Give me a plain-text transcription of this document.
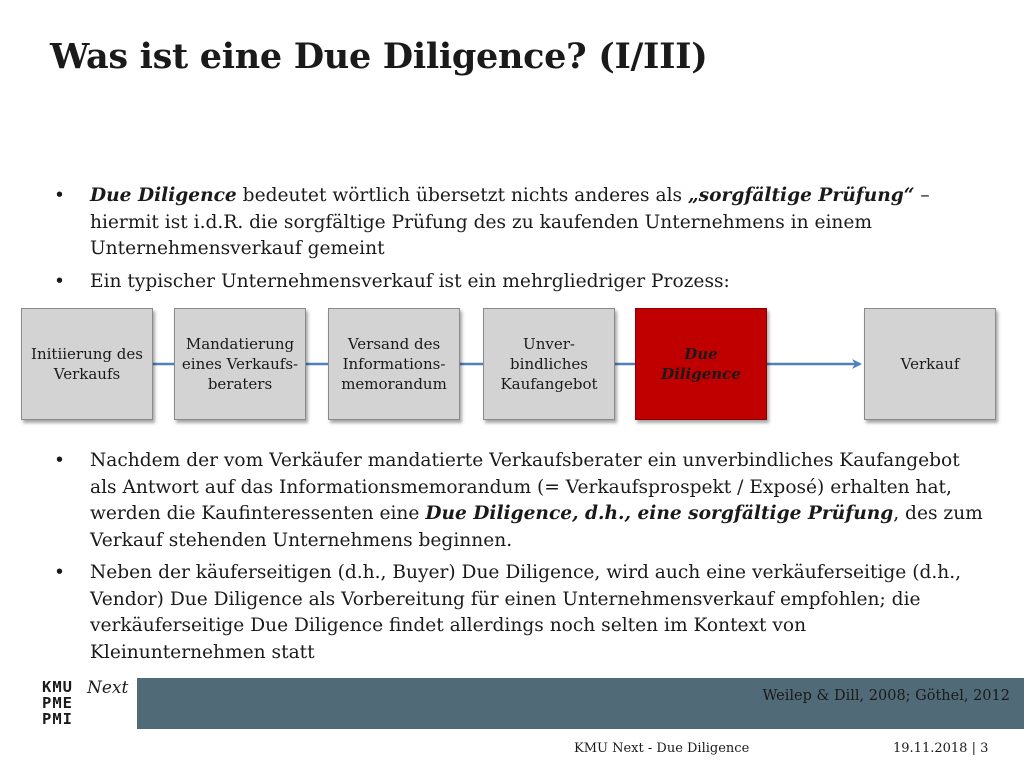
Was ist eine Due Diligence? (I/III)
•	Due Diligence bedeutet wörtlich übersetzt nichts anderes als „sorgfältige Prüfung“ – hiermit ist i.d.R. die sorgfältige Prüfung des zu kaufenden Unternehmens in einem Unternehmensverkauf gemeint
•	Ein typischer Unternehmensverkauf ist ein mehrgliedriger Prozess:
Initiierung des Verkaufs
Mandatierung eines Verkaufs-beraters
Versand des Informations-memorandum
Unver-bindliches Kaufangebot
Due Diligence
Verkauf
•	Nachdem der vom Verkäufer mandatierte Verkaufsberater ein unverbindliches Kaufangebot als Antwort auf das Informationsmemorandum (= Verkaufsprospekt / Exposé) erhalten hat, werden die Kaufinteressenten eine Due Diligence, d.h., eine sorgfältige Prüfung, des zum Verkauf stehenden Unternehmens beginnen.
•	Neben der käuferseitigen (d.h., Buyer) Due Diligence, wird auch eine verkäuferseitige (d.h., Vendor) Due Diligence als Vorbereitung für einen Unternehmensverkauf empfohlen; die verkäuferseitige Due Diligence findet allerdings noch selten im Kontext von Kleinunternehmen statt
KMU
PME
PMI
Next	Weilep & Dill, 2008; Göthel, 2012
KMU Next - Due Diligence	19.11.2018 | 3
